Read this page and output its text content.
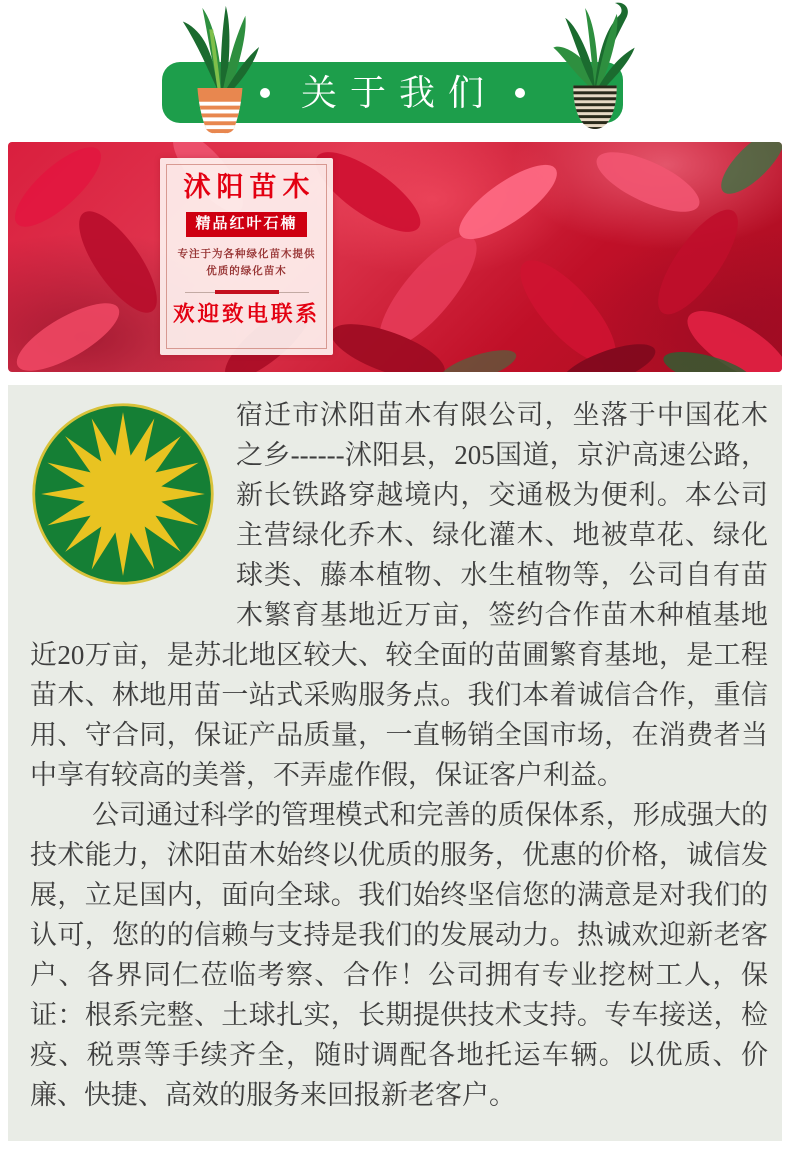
关于我们
沭阳苗木
精品红叶石楠
专注于为各种绿化苗木提供
优质的绿化苗木
欢迎致电联系

宿迁市沭阳苗木有限公司，坐落于中国花木之乡------沭阳县，205国道，京沪高速公路，新长铁路穿越境内，交通极为便利。本公司主营绿化乔木、绿化灌木、地被草花、绿化球类、藤本植物、水生植物等，公司自有苗木繁育基地近万亩，签约合作苗木种植基地近20万亩，是苏北地区较大、较全面的苗圃繁育基地，是工程苗木、林地用苗一站式采购服务点。我们本着诚信合作，重信用、守合同，保证产品质量，一直畅销全国市场，在消费者当中享有较高的美誉，不弄虚作假，保证客户利益。

公司通过科学的管理模式和完善的质保体系，形成强大的技术能力，沭阳苗木始终以优质的服务，优惠的价格，诚信发展，立足国内，面向全球。我们始终坚信您的满意是对我们的认可，您的的信赖与支持是我们的发展动力。热诚欢迎新老客户、各界同仁莅临考察、合作！公司拥有专业挖树工人，保证：根系完整、土球扎实，长期提供技术支持。专车接送，检疫、税票等手续齐全，随时调配各地托运车辆。以优质、价廉、快捷、高效的服务来回报新老客户。
